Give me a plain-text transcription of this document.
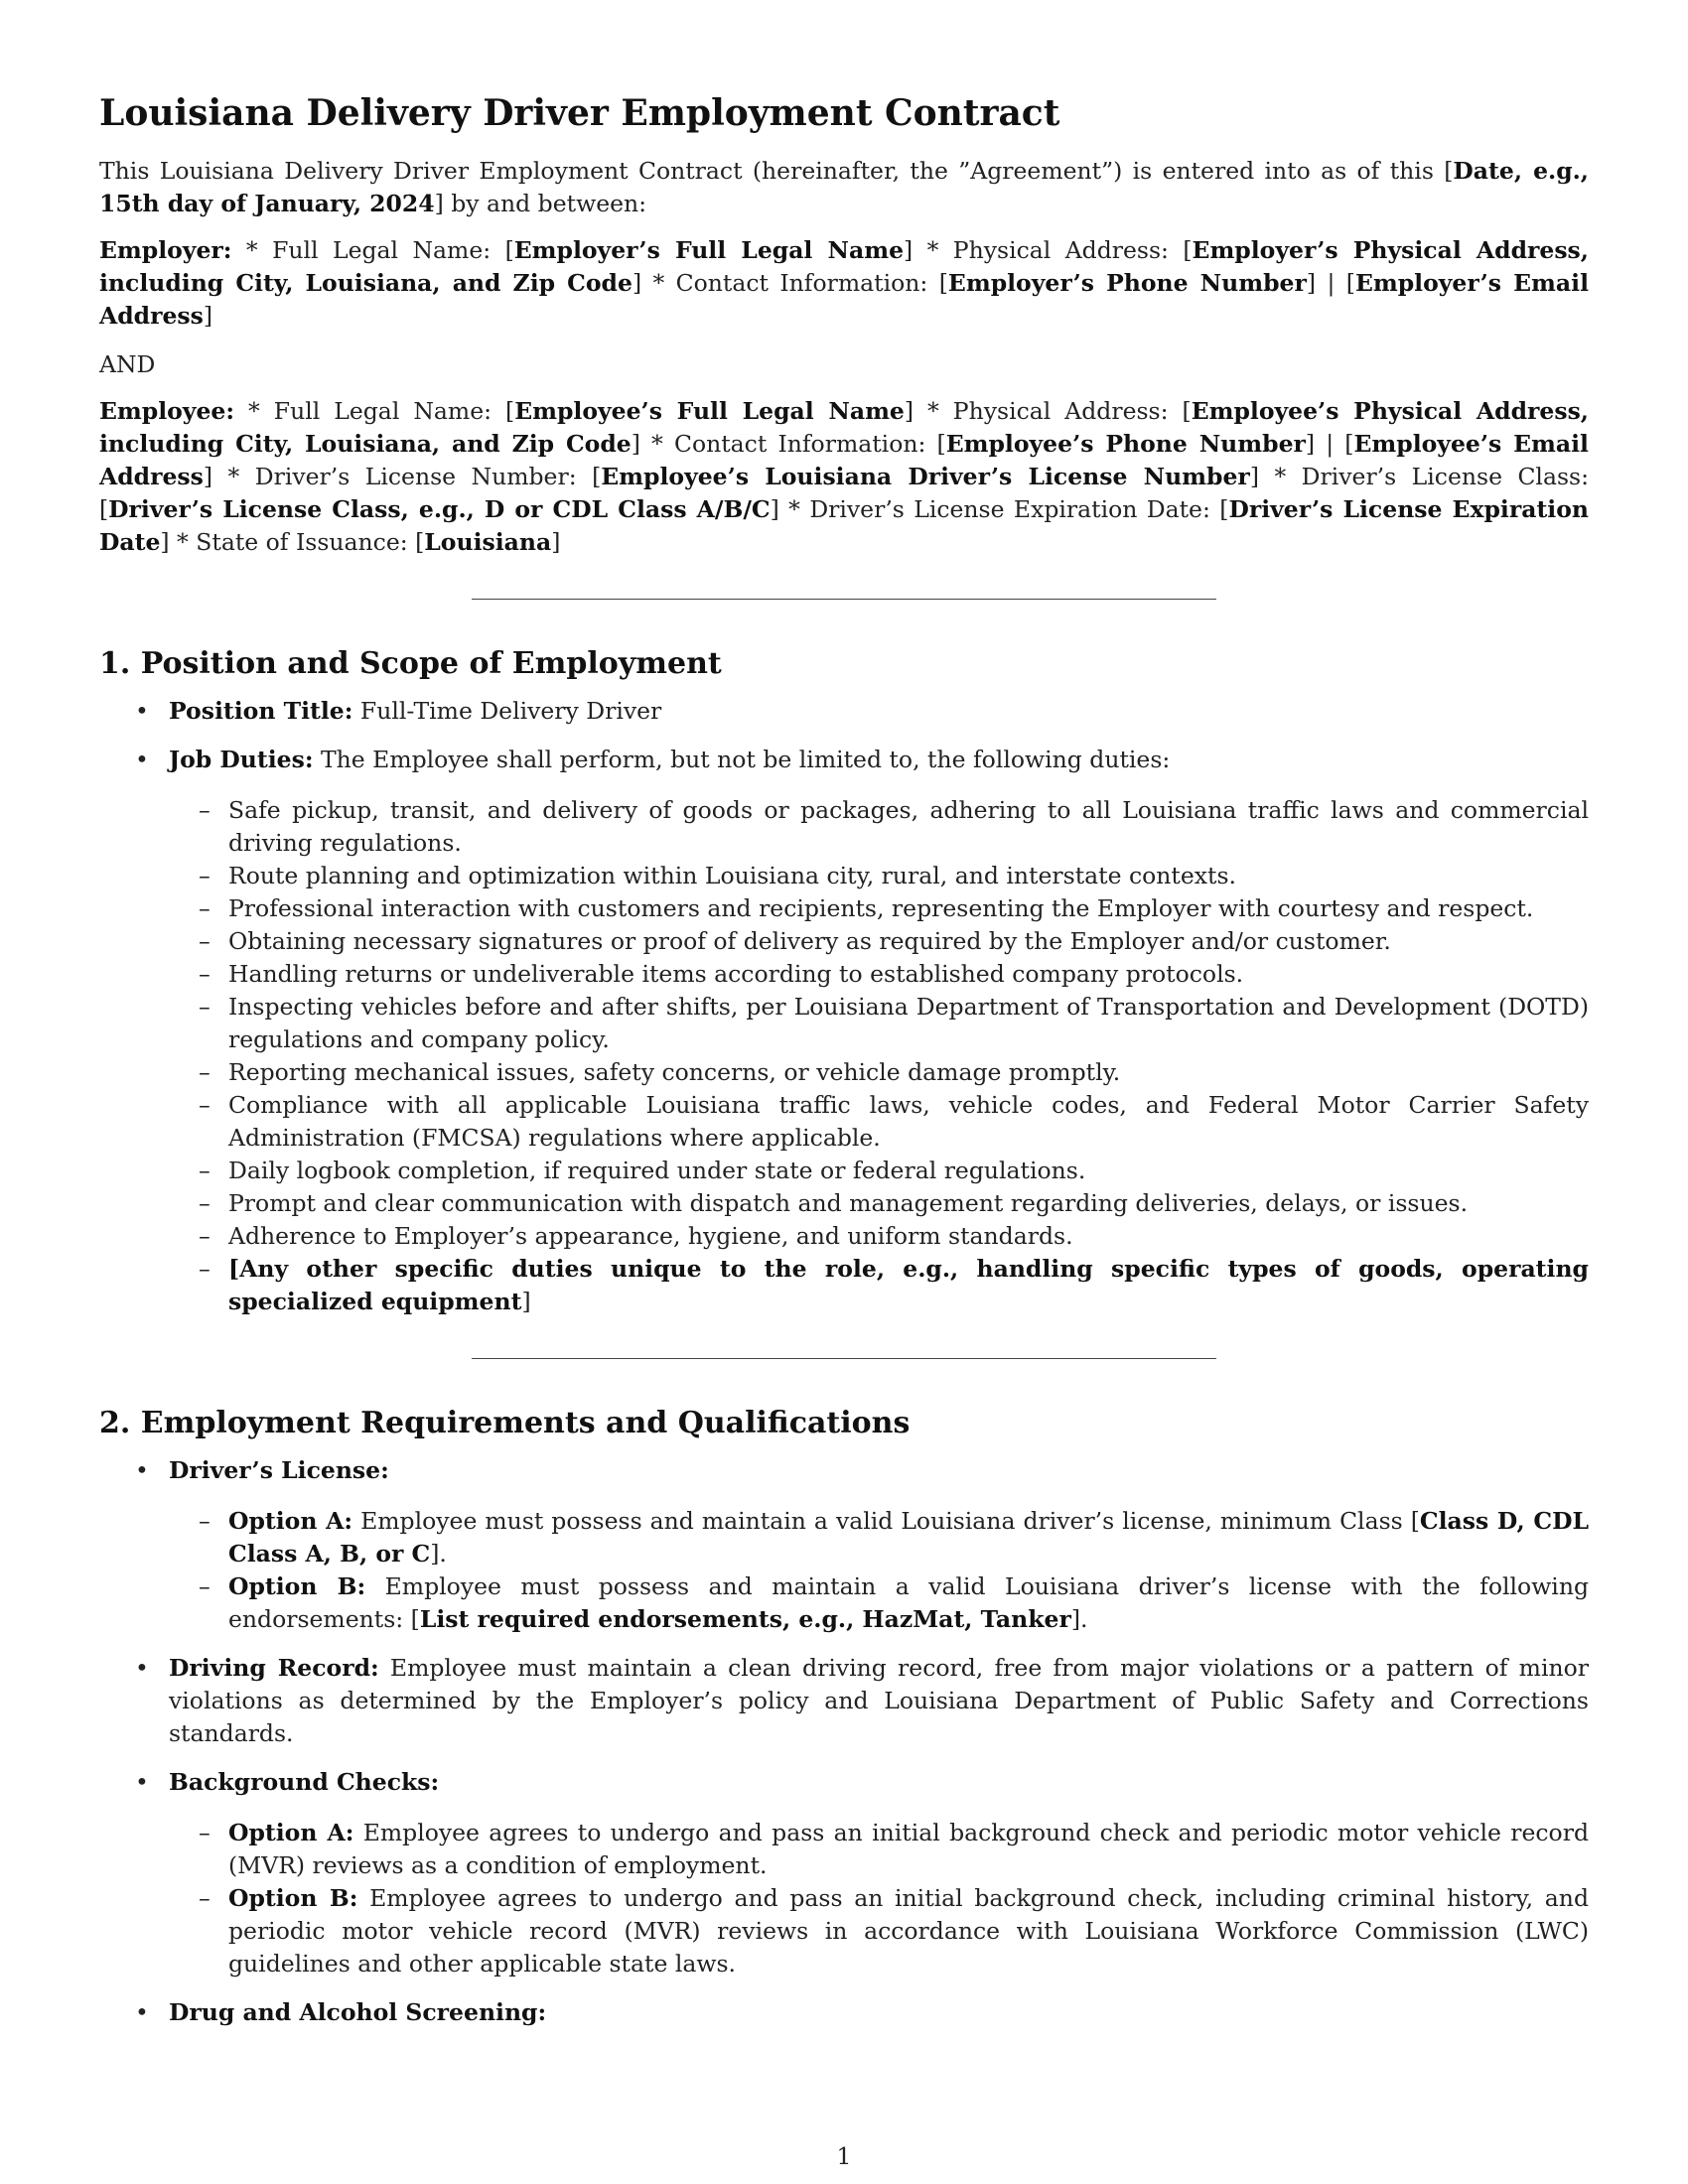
Louisiana Delivery Driver Employment Contract

This Louisiana Delivery Driver Employment Contract (hereinafter, the ”Agreement”) is entered into as of this [Date, e.g., 15th day of January, 2024] by and between:

Employer: * Full Legal Name: [Employer’s Full Legal Name] * Physical Address: [Employer’s Physical Address, including City, Louisiana, and Zip Code] * Contact Information: [Employer’s Phone Number] | [Employer’s Email Address]

AND

Employee: * Full Legal Name: [Employee’s Full Legal Name] * Physical Address: [Employee’s Physical Address, including City, Louisiana, and Zip Code] * Contact Information: [Employee’s Phone Number] | [Employee’s Email Address] * Driver’s License Number: [Employee’s Louisiana Driver’s License Number] * Driver’s License Class: [Driver’s License Class, e.g., D or CDL Class A/B/C] * Driver’s License Expiration Date: [Driver’s License Expiration Date] * State of Issuance: [Louisiana]

1. Position and Scope of Employment
• Position Title: Full-Time Delivery Driver
• Job Duties: The Employee shall perform, but not be limited to, the following duties:
– Safe pickup, transit, and delivery of goods or packages, adhering to all Louisiana traffic laws and commercial driving regulations.
– Route planning and optimization within Louisiana city, rural, and interstate contexts.
– Professional interaction with customers and recipients, representing the Employer with courtesy and respect.
– Obtaining necessary signatures or proof of delivery as required by the Employer and/or customer.
– Handling returns or undeliverable items according to established company protocols.
– Inspecting vehicles before and after shifts, per Louisiana Department of Transportation and Development (DOTD) regulations and company policy.
– Reporting mechanical issues, safety concerns, or vehicle damage promptly.
– Compliance with all applicable Louisiana traffic laws, vehicle codes, and Federal Motor Carrier Safety Administration (FMCSA) regulations where applicable.
– Daily logbook completion, if required under state or federal regulations.
– Prompt and clear communication with dispatch and management regarding deliveries, delays, or issues.
– Adherence to Employer’s appearance, hygiene, and uniform standards.
– [Any other specific duties unique to the role, e.g., handling specific types of goods, operating specialized equipment]
2. Employment Requirements and Qualifications
• Driver’s License:
– Option A: Employee must possess and maintain a valid Louisiana driver’s license, minimum Class [Class D, CDL Class A, B, or C].
– Option B: Employee must possess and maintain a valid Louisiana driver’s license with the following endorsements: [List required endorsements, e.g., HazMat, Tanker].
• Driving Record: Employee must maintain a clean driving record, free from major violations or a pattern of minor violations as determined by the Employer’s policy and Louisiana Department of Public Safety and Corrections standards.
• Background Checks:
– Option A: Employee agrees to undergo and pass an initial background check and periodic motor vehicle record (MVR) reviews as a condition of employment.
– Option B: Employee agrees to undergo and pass an initial background check, including criminal history, and periodic motor vehicle record (MVR) reviews in accordance with Louisiana Workforce Commission (LWC) guidelines and other applicable state laws.
• Drug and Alcohol Screening:
1
